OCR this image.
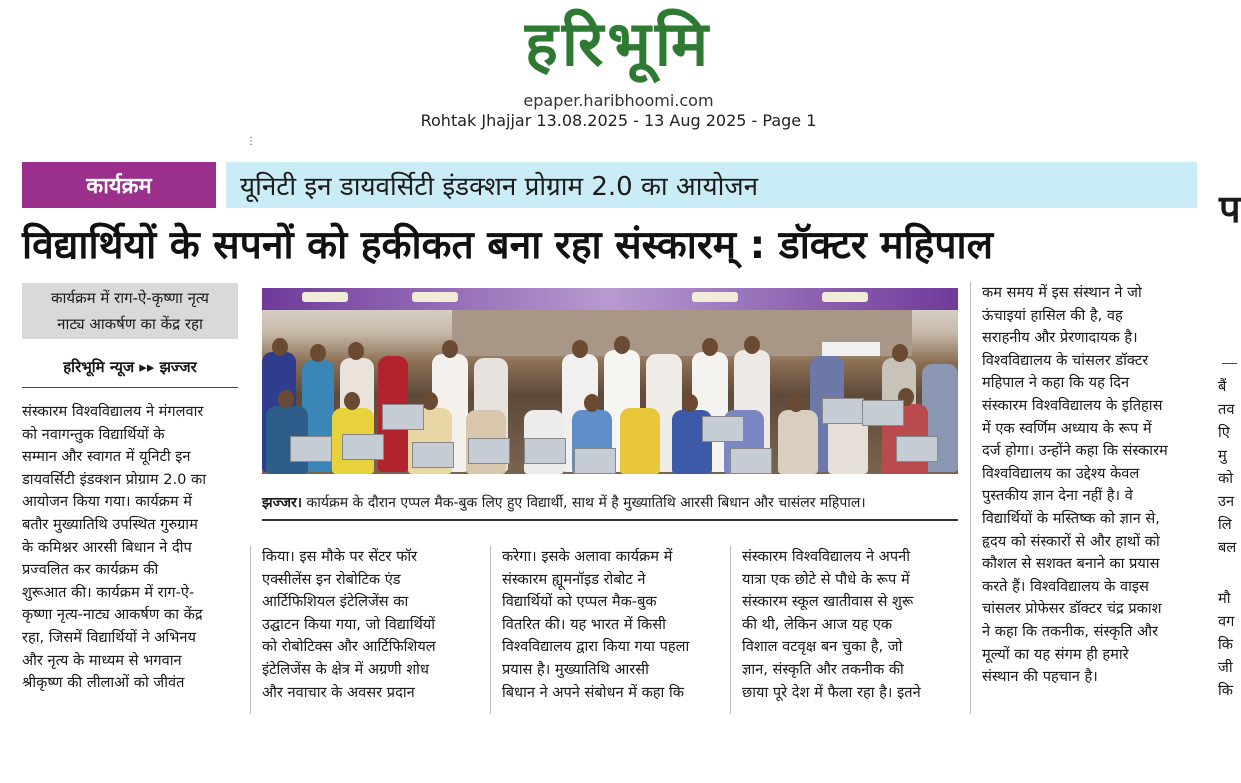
हरिभूमि
epaper.haribhoomi.com
Rohtak Jhajjar 13.08.2025 - 13 Aug 2025 - Page 1
⋮
कार्यक्रम	यूनिटी इन डायवर्सिटी इंडक्शन प्रोग्राम 2.0 का आयोजन
विद्यार्थियों के सपनों को हकीकत बना रहा संस्कारम् : डॉक्टर महिपाल
कार्यक्रम में राग-ऐ-कृष्णा नृत्य
नाट्य आकर्षण का केंद्र रहा
हरिभूमि न्यूज ▸▸ झज्जर
संस्कारम विश्वविद्यालय ने मंगलवार
को नवागन्तुक विद्यार्थियों के
सम्मान और स्वागत में यूनिटी इन
डायवर्सिटी इंडक्शन प्रोग्राम 2.0 का
आयोजन किया गया। कार्यक्रम में
बतौर मुख्यातिथि उपस्थित गुरुग्राम
के कमिश्नर आरसी बिधान ने दीप
प्रज्वलित कर कार्यक्रम की
शुरूआत की। कार्यक्रम में राग-ऐ-
कृष्णा नृत्य-नाट्य आकर्षण का केंद्र
रहा, जिसमें विद्यार्थियों ने अभिनय
और नृत्य के माध्यम से भगवान
श्रीकृष्ण की लीलाओं को जीवंत
झज्जर। कार्यक्रम के दौरान एप्पल मैक-बुक लिए हुए विद्यार्थी, साथ में है मुख्यातिथि आरसी बिधान और चासंलर महिपाल।
किया। इस मौके पर सेंटर फॉर
एक्सीलेंस इन रोबोटिक एंड
आर्टिफिशियल इंटेलिजेंस का
उद्घाटन किया गया, जो विद्यार्थियों
को रोबोटिक्स और आर्टिफिशियल
इंटेलिजेंस के क्षेत्र में अग्रणी शोध
और नवाचार के अवसर प्रदान
करेगा। इसके अलावा कार्यक्रम में
संस्कारम ह्यूमनॉइड रोबोट ने
विद्यार्थियों को एप्पल मैक-बुक
वितरित की। यह भारत में किसी
विश्वविद्यालय द्वारा किया गया पहला
प्रयास है। मुख्यातिथि आरसी
बिधान ने अपने संबोधन में कहा कि
संस्कारम विश्वविद्यालय ने अपनी
यात्रा एक छोटे से पौधे के रूप में
संस्कारम स्कूल खातीवास से शुरू
की थी, लेकिन आज यह एक
विशाल वटवृक्ष बन चुका है, जो
ज्ञान, संस्कृति और तकनीक की
छाया पूरे देश में फैला रहा है। इतने
कम समय में इस संस्थान ने जो
ऊंचाइयां हासिल की है, वह
सराहनीय और प्रेरणादायक है।
विश्वविद्यालय के चांसलर डॉक्टर
महिपाल ने कहा कि यह दिन
संस्कारम विश्वविद्यालय के इतिहास
में एक स्वर्णिम अध्याय के रूप में
दर्ज होगा। उन्होंने कहा कि संस्कारम
विश्वविद्यालय का उद्देश्य केवल
पुस्तकीय ज्ञान देना नहीं है। वे
विद्यार्थियों के मस्तिष्क को ज्ञान से,
हृदय को संस्कारों से और हाथों को
कौशल से सशक्त बनाने का प्रयास
करते हैं। विश्वविद्यालय के वाइस
चांसलर प्रोफेसर डॉक्टर चंद्र प्रकाश
ने कहा कि तकनीक, संस्कृति और
मूल्यों का यह संगम ही हमारे
संस्थान की पहचान है।
प
बैं
तव
एि
मु
को
उन
लि
बल
मौ
वग
कि
जी
कि
